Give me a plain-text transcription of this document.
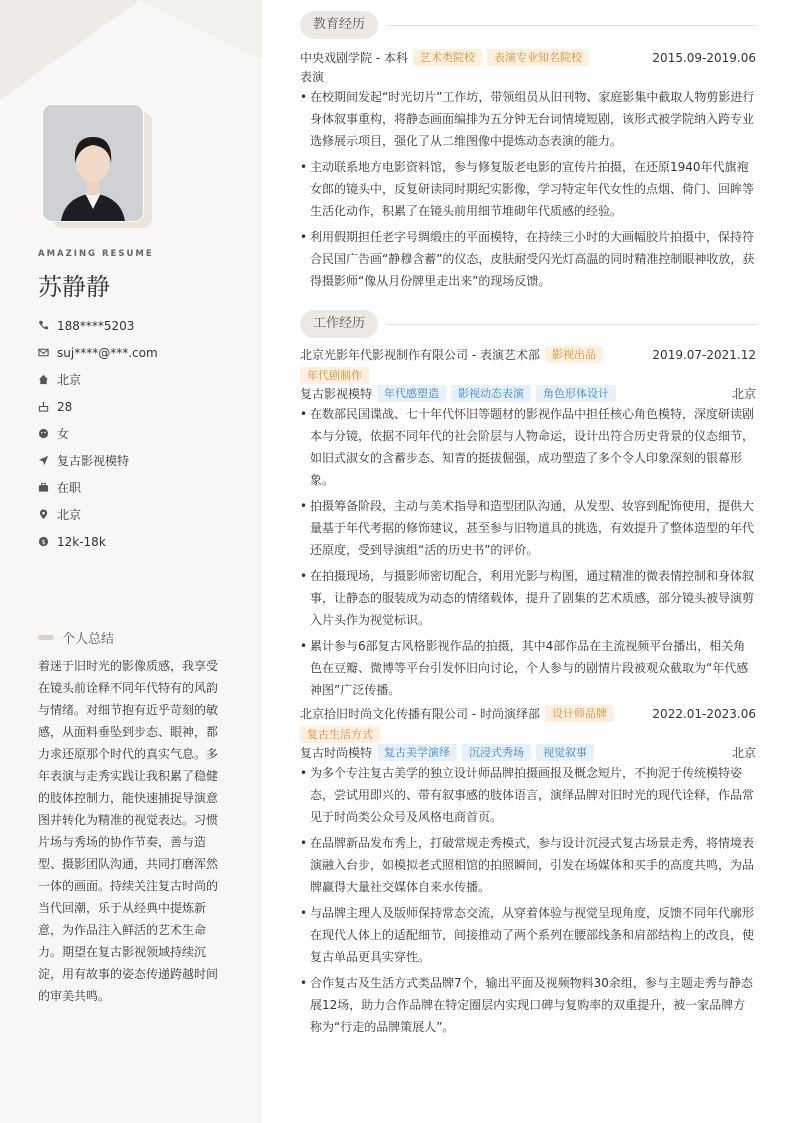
AMAZING RESUME
苏静静
188****5203
suj****@***.com
北京
28
女
复古影视模特
在职
北京
$ 12k-18k
个人总结
着迷于旧时光的影像质感，我享受在镜头前诠释不同年代特有的风韵与情绪。对细节抱有近乎苛刻的敏感，从面料垂坠到步态、眼神，都力求还原那个时代的真实气息。多年表演与走秀实践让我积累了稳健的肢体控制力，能快速捕捉导演意图并转化为精准的视觉表达。习惯片场与秀场的协作节奏，善与造型、摄影团队沟通，共同打磨浑然一体的画面。持续关注复古时尚的当代回潮，乐于从经典中提炼新意，为作品注入鲜活的艺术生命力。期望在复古影视领域持续沉淀，用有故事的姿态传递跨越时间的审美共鸣。
教育经历
中央戏剧学院 - 本科	艺术类院校	表演专业知名院校	2015.09-2019.06
表演
• 在校期间发起“时光切片”工作坊，带领组员从旧刊物、家庭影集中截取人物剪影进行身体叙事重构，将静态画面编排为五分钟无台词情境短剧，该形式被学院纳入跨专业选修展示项目，强化了从二维图像中提炼动态表演的能力。
• 主动联系地方电影资料馆，参与修复版老电影的宣传片拍摄，在还原1940年代旗袍女郎的镜头中，反复研读同时期纪实影像，学习特定年代女性的点烟、倚门、回眸等生活化动作，积累了在镜头前用细节堆砌年代质感的经验。
• 利用假期担任老字号绸缎庄的平面模特，在持续三小时的大画幅胶片拍摄中，保持符合民国广告画“静穆含蓄”的仪态，皮肤耐受闪光灯高温的同时精准控制眼神收放，获得摄影师“像从月份牌里走出来”的现场反馈。
工作经历
北京光影年代影视制作有限公司 - 表演艺术部	影视出品	2019.07-2021.12
年代剧制作
复古影视模特	年代感塑造	影视动态表演	角色形体设计	北京
• 在数部民国谍战、七十年代怀旧等题材的影视作品中担任核心角色模特，深度研读剧本与分镜，依据不同年代的社会阶层与人物命运，设计出符合历史背景的仪态细节，如旧式淑女的含蓄步态、知青的挺拔倔强，成功塑造了多个令人印象深刻的银幕形象。
• 拍摄筹备阶段，主动与美术指导和造型团队沟通，从发型、妆容到配饰使用，提供大量基于年代考据的修饰建议，甚至参与旧物道具的挑选，有效提升了整体造型的年代还原度，受到导演组“活的历史书”的评价。
• 在拍摄现场，与摄影师密切配合，利用光影与构图，通过精准的微表情控制和身体叙事，让静态的服装成为动态的情绪载体，提升了剧集的艺术质感，部分镜头被导演剪入片头作为视觉标识。
• 累计参与6部复古风格影视作品的拍摄，其中4部作品在主流视频平台播出，相关角色在豆瓣、微博等平台引发怀旧向讨论，个人参与的剧情片段被观众截取为“年代感神图”广泛传播。
北京拾旧时尚文化传播有限公司 - 时尚演绎部	设计师品牌	2022.01-2023.06
复古生活方式
复古时尚模特	复古美学演绎	沉浸式秀场	视觉叙事	北京
• 为多个专注复古美学的独立设计师品牌拍摄画报及概念短片，不拘泥于传统模特姿态，尝试用即兴的、带有叙事感的肢体语言，演绎品牌对旧时光的现代诠释，作品常见于时尚类公众号及风格电商首页。
• 在品牌新品发布秀上，打破常规走秀模式，参与设计沉浸式复古场景走秀，将情境表演融入台步，如模拟老式照相馆的拍照瞬间，引发在场媒体和买手的高度共鸣，为品牌赢得大量社交媒体自来水传播。
• 与品牌主理人及版师保持常态交流，从穿着体验与视觉呈现角度，反馈不同年代廓形在现代人体上的适配细节，间接推动了两个系列在腰部线条和肩部结构上的改良，使复古单品更具实穿性。
• 合作复古及生活方式类品牌7个，输出平面及视频物料30余组，参与主题走秀与静态展12场，助力合作品牌在特定圈层内实现口碑与复购率的双重提升，被一家品牌方称为“行走的品牌策展人”。
